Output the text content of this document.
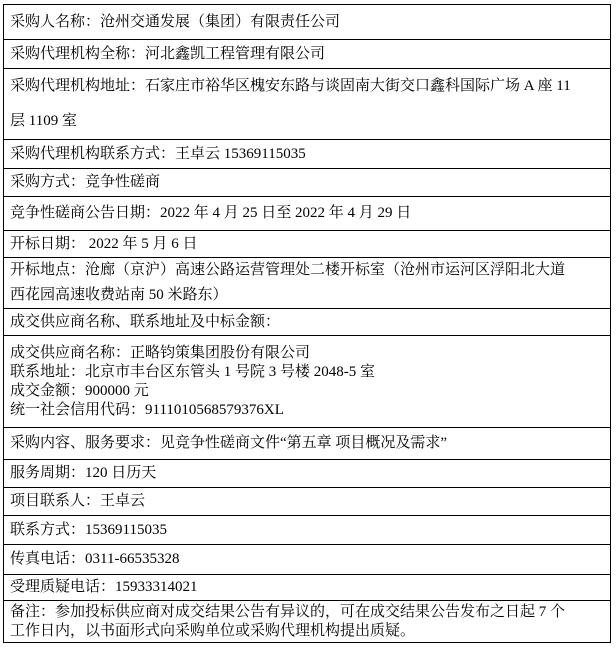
采购人名称：沧州交通发展（集团）有限责任公司

采购代理机构全称：河北鑫凯工程管理有限公司

采购代理机构地址：石家庄市裕华区槐安东路与谈固南大街交口鑫科国际广场 A 座 11
层 1109 室

采购代理机构联系方式：王卓云 15369115035

采购方式：竞争性磋商

竞争性磋商公告日期：2022 年 4 月 25 日至 2022 年 4 月 29 日

开标日期： 2022 年 5 月 6 日

开标地点：沧廊（京沪）高速公路运营管理处二楼开标室（沧州市运河区浮阳北大道
西花园高速收费站南 50 米路东）

成交供应商名称、联系地址及中标金额：

成交供应商名称：正略钧策集团股份有限公司
联系地址：北京市丰台区东管头 1 号院 3 号楼 2048-5 室
成交金额：900000 元
统一社会信用代码：9111010568579376XL

采购内容、服务要求：见竞争性磋商文件“第五章 项目概况及需求”

服务周期：120 日历天

项目联系人：王卓云

联系方式：15369115035

传真电话：0311-66535328

受理质疑电话：15933314021

备注：参加投标供应商对成交结果公告有异议的，可在成交结果公告发布之日起 7 个
工作日内，以书面形式向采购单位或采购代理机构提出质疑。
